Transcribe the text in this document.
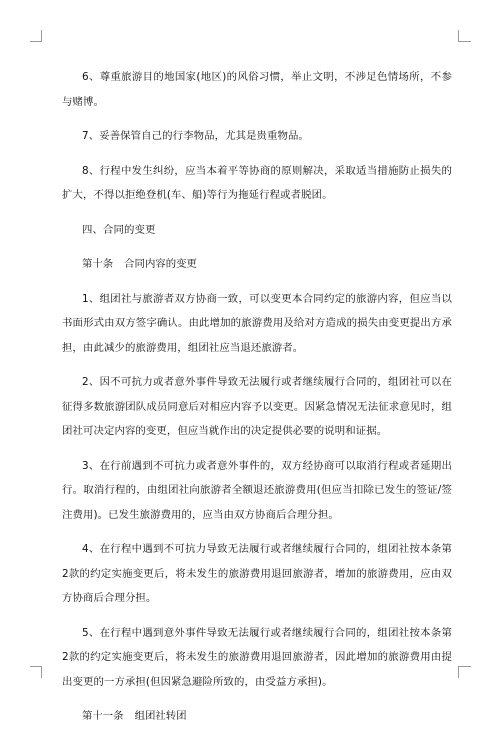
6、尊重旅游目的地国家(地区)的风俗习惯，举止文明，不涉足色情场所，不参与赌博。

7、妥善保管自己的行李物品，尤其是贵重物品。

8、行程中发生纠纷，应当本着平等协商的原则解决，采取适当措施防止损失的扩大，不得以拒绝登机(车、船)等行为拖延行程或者脱团。

四、合同的变更

第十条 合同内容的变更

1、组团社与旅游者双方协商一致，可以变更本合同约定的旅游内容，但应当以书面形式由双方签字确认。由此增加的旅游费用及给对方造成的损失由变更提出方承担，由此减少的旅游费用，组团社应当退还旅游者。

2、因不可抗力或者意外事件导致无法履行或者继续履行合同的，组团社可以在征得多数旅游团队成员同意后对相应内容予以变更。因紧急情况无法征求意见时，组团社可决定内容的变更，但应当就作出的决定提供必要的说明和证据。

3、在行前遇到不可抗力或者意外事件的，双方经协商可以取消行程或者延期出行。取消行程的，由组团社向旅游者全额退还旅游费用(但应当扣除已发生的签证/签注费用)。已发生旅游费用的，应当由双方协商后合理分担。

4、在行程中遇到不可抗力导致无法履行或者继续履行合同的，组团社按本条第2款的约定实施变更后，将未发生的旅游费用退回旅游者，增加的旅游费用，应由双方协商后合理分担。

5、在行程中遇到意外事件导致无法履行或者继续履行合同的，组团社按本条第2款的约定实施变更后，将未发生的旅游费用退回旅游者，因此增加的旅游费用由提出变更的一方承担(但因紧急避险所致的，由受益方承担)。

第十一条 组团社转团
